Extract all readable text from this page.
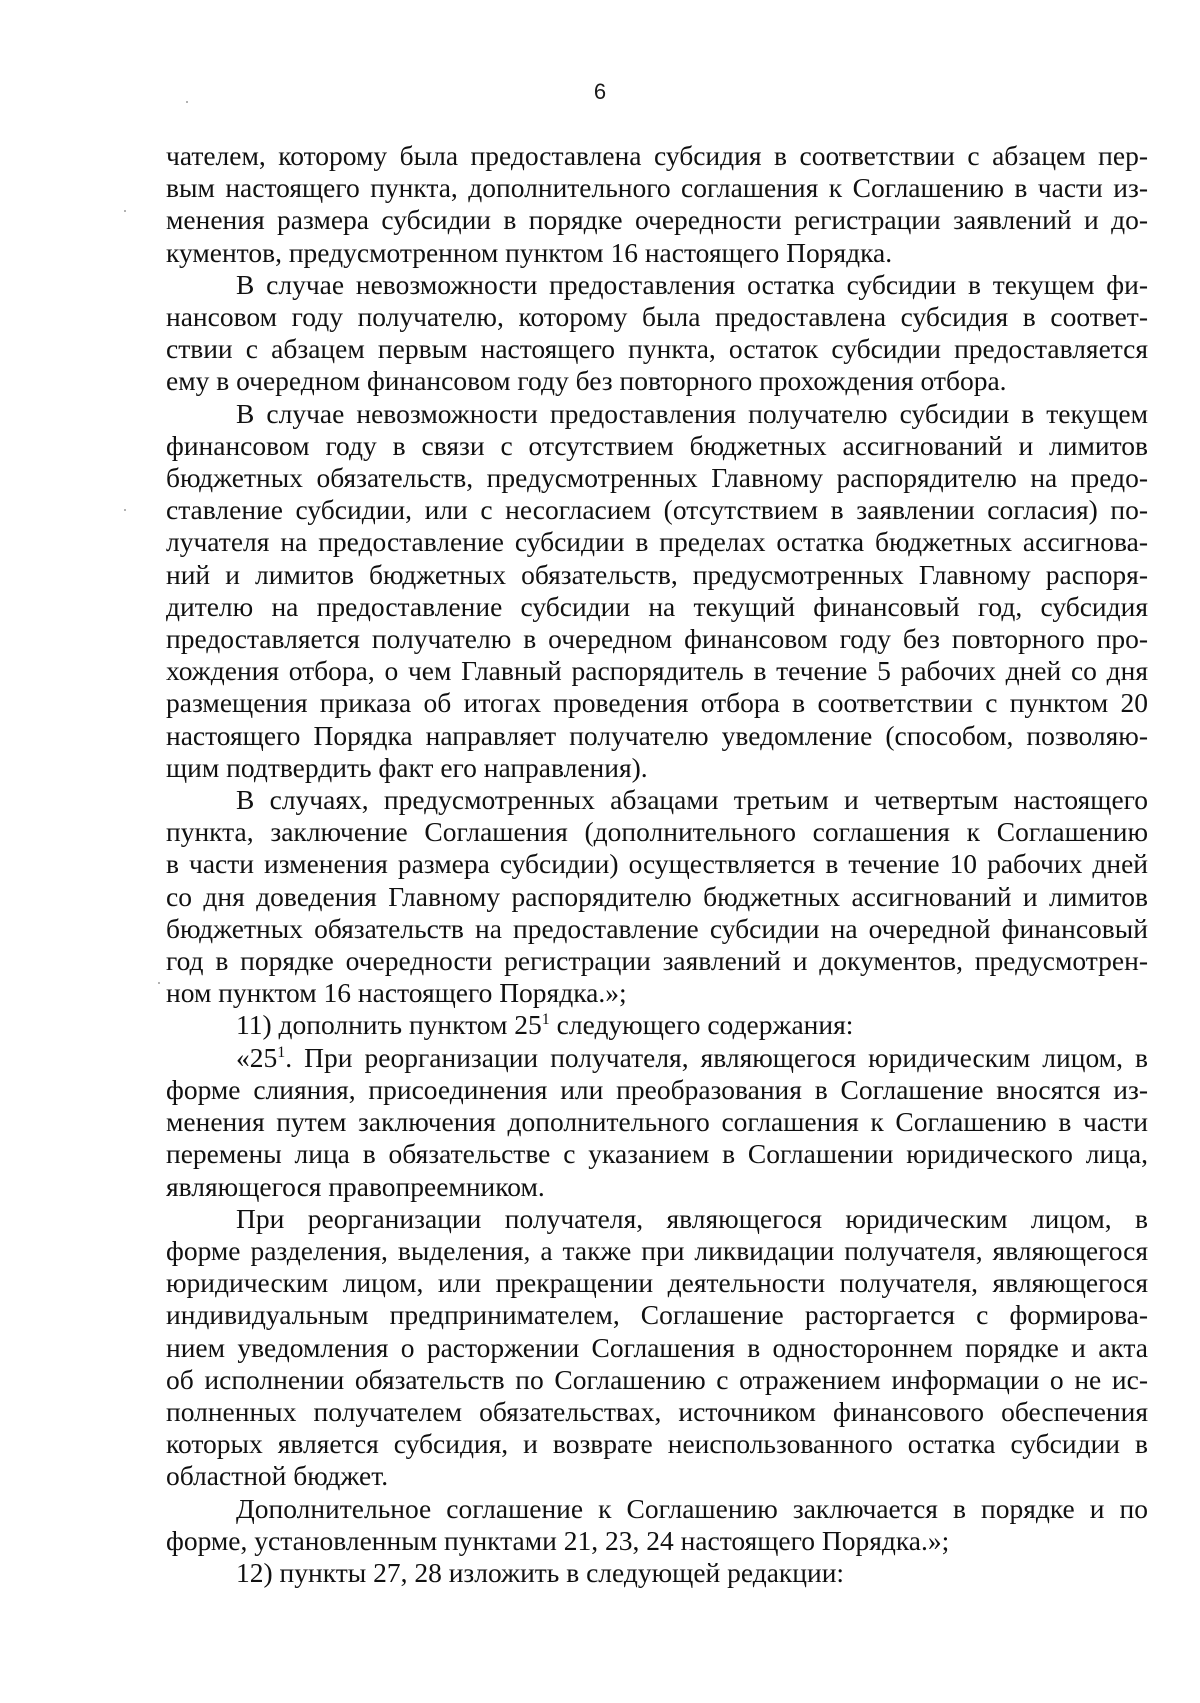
6

чателем, которому была предоставлена субсидия в соответствии с абзацем пер-
вым настоящего пункта, дополнительного соглашения к Соглашению в части из-
менения размера субсидии в порядке очередности регистрации заявлений и до-
кументов, предусмотренном пунктом 16 настоящего Порядка.

В случае невозможности предоставления остатка субсидии в текущем фи-
нансовом году получателю, которому была предоставлена субсидия в соответ-
ствии с абзацем первым настоящего пункта, остаток субсидии предоставляется
ему в очередном финансовом году без повторного прохождения отбора.

В случае невозможности предоставления получателю субсидии в текущем
финансовом году в связи с отсутствием бюджетных ассигнований и лимитов
бюджетных обязательств, предусмотренных Главному распорядителю на предо-
ставление субсидии, или с несогласием (отсутствием в заявлении согласия) по-
лучателя на предоставление субсидии в пределах остатка бюджетных ассигнова-
ний и лимитов бюджетных обязательств, предусмотренных Главному распоря-
дителю на предоставление субсидии на текущий финансовый год, субсидия
предоставляется получателю в очередном финансовом году без повторного про-
хождения отбора, о чем Главный распорядитель в течение 5 рабочих дней со дня
размещения приказа об итогах проведения отбора в соответствии с пунктом 20
настоящего Порядка направляет получателю уведомление (способом, позволяю-
щим подтвердить факт его направления).

В случаях, предусмотренных абзацами третьим и четвертым настоящего
пункта, заключение Соглашения (дополнительного соглашения к Соглашению
в части изменения размера субсидии) осуществляется в течение 10 рабочих дней
со дня доведения Главному распорядителю бюджетных ассигнований и лимитов
бюджетных обязательств на предоставление субсидии на очередной финансовый
год в порядке очередности регистрации заявлений и документов, предусмотрен-
ном пунктом 16 настоящего Порядка.»;

11) дополнить пунктом $25^1$ следующего содержания:

«$25^1$. При реорганизации получателя, являющегося юридическим лицом, в
форме слияния, присоединения или преобразования в Соглашение вносятся из-
менения путем заключения дополнительного соглашения к Соглашению в части
перемены лица в обязательстве с указанием в Соглашении юридического лица,
являющегося правопреемником.

При реорганизации получателя, являющегося юридическим лицом, в
форме разделения, выделения, а также при ликвидации получателя, являющегося
юридическим лицом, или прекращении деятельности получателя, являющегося
индивидуальным предпринимателем, Соглашение расторгается с формирова-
нием уведомления о расторжении Соглашения в одностороннем порядке и акта
об исполнении обязательств по Соглашению с отражением информации о не ис-
полненных получателем обязательствах, источником финансового обеспечения
которых является субсидия, и возврате неиспользованного остатка субсидии в
областной бюджет.

Дополнительное соглашение к Соглашению заключается в порядке и по
форме, установленным пунктами 21, 23, 24 настоящего Порядка.»;

12) пункты 27, 28 изложить в следующей редакции:
